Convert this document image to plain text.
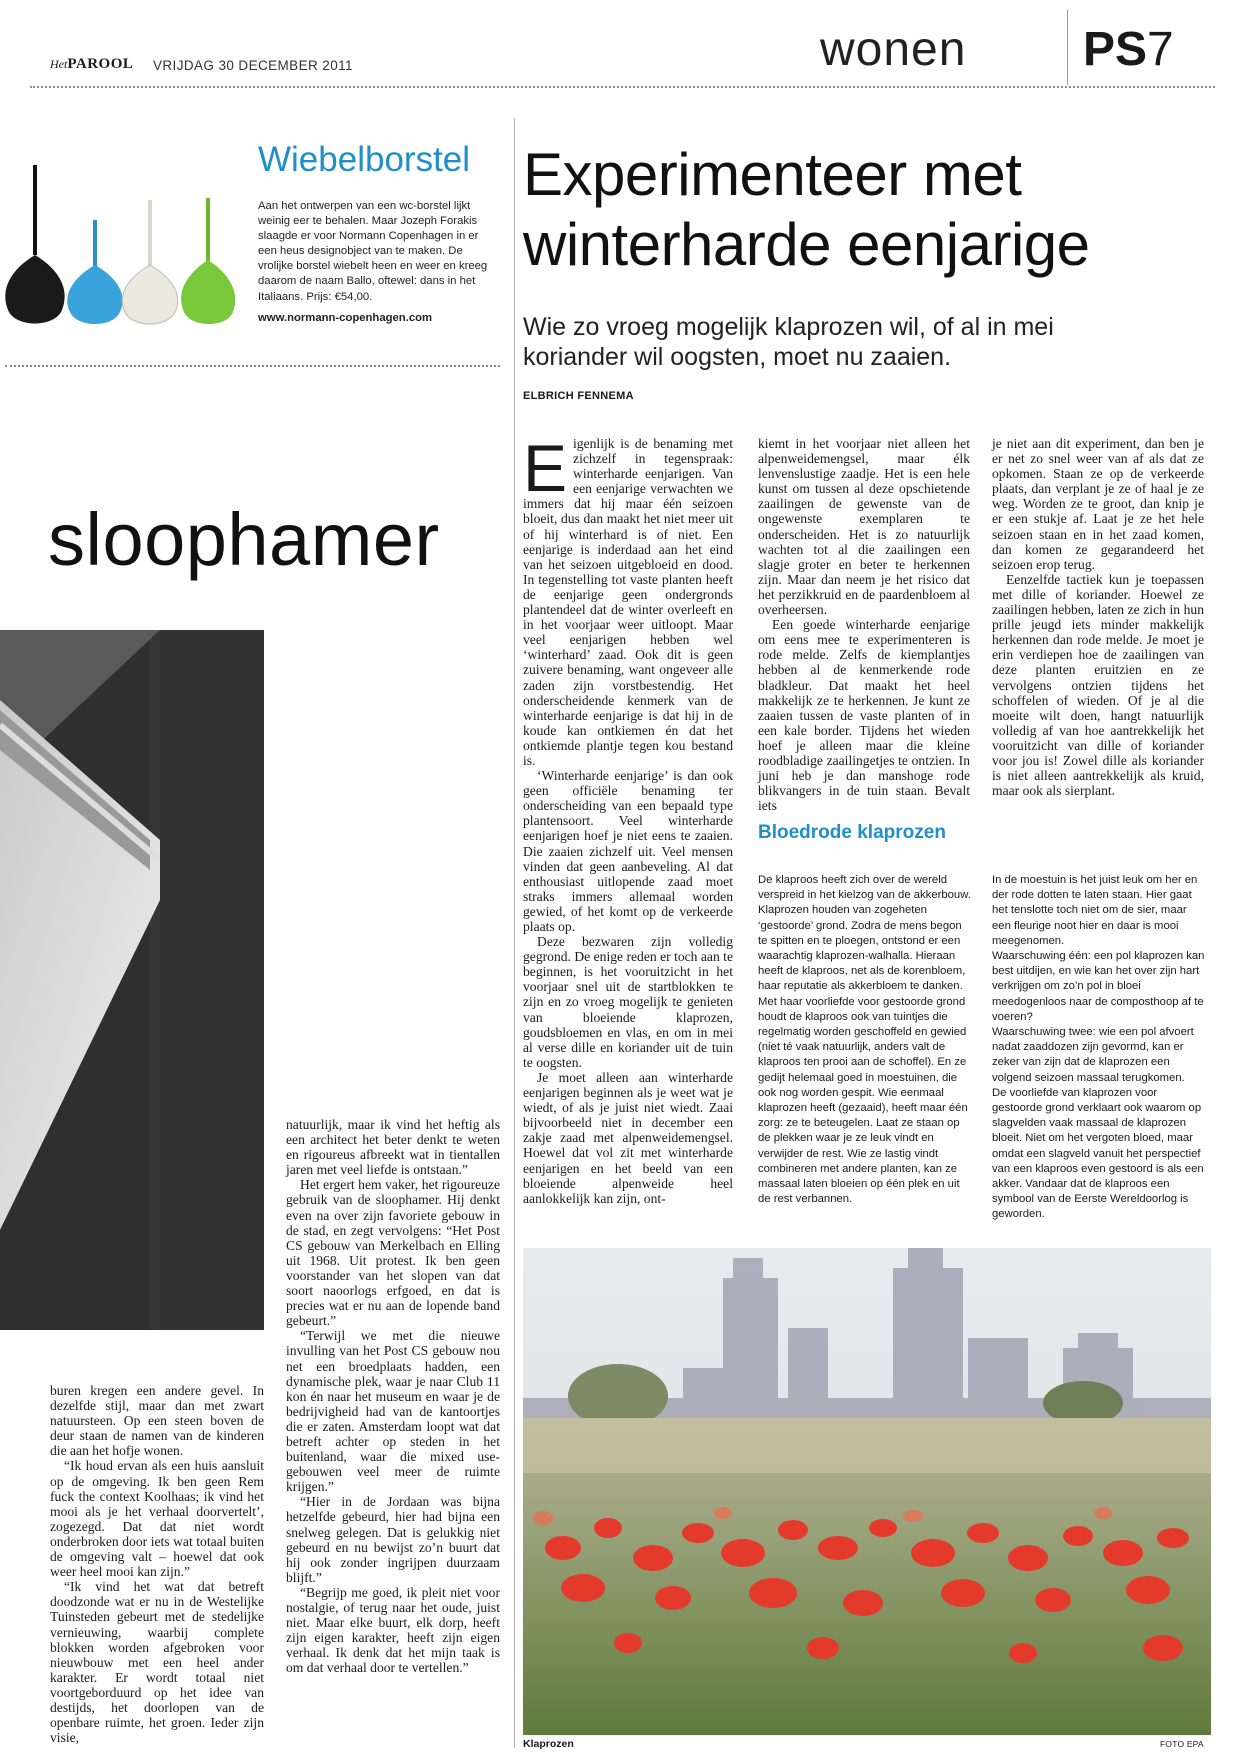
HetPAROOL VRIJDAG 30 DECEMBER 2011	wonen PS7
Wiebelborstel
Aan het ontwerpen van een wc-borstel lijkt weinig eer te behalen. Maar Jozeph Forakis slaagde er voor Normann Copenhagen in er een heus designobject van te maken. De vrolijke borstel wiebelt heen en weer en kreeg daarom de naam Ballo, oftewel: dans in het Italiaans. Prijs: €54,00.
www.normann-copenhagen.com
sloophamer

buren kregen een andere gevel. In dezelfde stijl, maar dan met zwart natuursteen. Op een steen boven de deur staan de namen van de kinderen die aan het hofje wonen.

“Ik houd ervan als een huis aansluit op de omgeving. Ik ben geen Rem fuck the context Koolhaas; ik vind het mooi als je het verhaal doorvertelt’, zogezegd. Dat dat niet wordt onderbroken door iets wat totaal buiten de omgeving valt – hoewel dat ook weer heel mooi kan zijn.”

“Ik vind het wat dat betreft doodzonde wat er nu in de Westelijke Tuinsteden gebeurt met de stedelijke vernieuwing, waarbij complete blokken worden afgebroken voor nieuwbouw met een heel ander karakter. Er wordt totaal niet voortgeborduurd op het idee van destijds, het doorlopen van de openbare ruimte, het groen. Ieder zijn visie,

natuurlijk, maar ik vind het heftig als een architect het beter denkt te weten en rigoureus afbreekt wat in tientallen jaren met veel liefde is ontstaan.”

Het ergert hem vaker, het rigoureuze gebruik van de sloophamer. Hij denkt even na over zijn favoriete gebouw in de stad, en zegt vervolgens: “Het Post CS gebouw van Merkelbach en Elling uit 1968. Uit protest. Ik ben geen voorstander van het slopen van dat soort naoorlogs erfgoed, en dat is precies wat er nu aan de lopende band gebeurt.”

“Terwijl we met die nieuwe invulling van het Post CS gebouw nou net een broedplaats hadden, een dynamische plek, waar je naar Club 11 kon én naar het museum en waar je de bedrijvigheid had van de kantoortjes die er zaten. Amsterdam loopt wat dat betreft achter op steden in het buitenland, waar die mixed use-gebouwen veel meer de ruimte krijgen.”

“Hier in de Jordaan was bijna hetzelfde gebeurd, hier had bijna een snelweg gelegen. Dat is gelukkig niet gebeurd en nu bewijst zo’n buurt dat hij ook zonder ingrijpen duurzaam blijft.”

“Begrijp me goed, ik pleit niet voor nostalgie, of terug naar het oude, juist niet. Maar elke buurt, elk dorp, heeft zijn eigen karakter, heeft zijn eigen verhaal. Ik denk dat het mijn taak is om dat verhaal door te vertellen.”

Experimenteer met
winterharde eenjarige
Wie zo vroeg mogelijk klaprozen wil, of al in mei koriander wil oogsten, moet nu zaaien.
ELBRICH FENNEMA

Eigenlijk is de benaming met zichzelf in tegenspraak: winterharde eenjarigen. Van een eenjarige verwachten we immers dat hij maar één seizoen bloeit, dus dan maakt het niet meer uit of hij winterhard is of niet. Een eenjarige is inderdaad aan het eind van het seizoen uitgebloeid en dood. In tegenstelling tot vaste planten heeft de eenjarige geen ondergronds plantendeel dat de winter overleeft en in het voorjaar weer uitloopt. Maar veel eenjarigen hebben wel ‘winterhard’ zaad. Ook dit is geen zuivere benaming, want ongeveer alle zaden zijn vorstbestendig. Het onderscheidende kenmerk van de winterharde eenjarige is dat hij in de koude kan ontkiemen én dat het ontkiemde plantje tegen kou bestand is.

‘Winterharde eenjarige’ is dan ook geen officiële benaming ter onderscheiding van een bepaald type plantensoort. Veel winterharde eenjarigen hoef je niet eens te zaaien. Die zaaien zichzelf uit. Veel mensen vinden dat geen aanbeveling. Al dat enthousiast uitlopende zaad moet straks immers allemaal worden gewied, of het komt op de verkeerde plaats op.

Deze bezwaren zijn volledig gegrond. De enige reden er toch aan te beginnen, is het vooruitzicht in het voorjaar snel uit de startblokken te zijn en zo vroeg mogelijk te genieten van bloeiende klaprozen, goudsbloemen en vlas, en om in mei al verse dille en koriander uit de tuin te oogsten.

Je moet alleen aan winterharde eenjarigen beginnen als je weet wat je wiedt, of als je juist niet wiedt. Zaai bijvoorbeeld niet in december een zakje zaad met alpenweidemengsel. Hoewel dat vol zit met winterharde eenjarigen en het beeld van een bloeiende alpenweide heel aanlokkelijk kan zijn, ont-

kiemt in het voorjaar niet alleen het alpenweidemengsel, maar élk lenvenslustige zaadje. Het is een hele kunst om tussen al deze opschietende zaailingen de gewenste van de ongewenste exemplaren te onderscheiden. Het is zo natuurlijk wachten tot al die zaailingen een slagje groter en beter te herkennen zijn. Maar dan neem je het risico dat het perzikkruid en de paardenbloem al overheersen.

Een goede winterharde eenjarige om eens mee te experimenteren is rode melde. Zelfs de kiemplantjes hebben al de kenmerkende rode bladkleur. Dat maakt het heel makkelijk ze te herkennen. Je kunt ze zaaien tussen de vaste planten of in een kale border. Tijdens het wieden hoef je alleen maar die kleine roodbladige zaailingetjes te ontzien. In juni heb je dan manshoge rode blikvangers in de tuin staan. Bevalt iets

je niet aan dit experiment, dan ben je er net zo snel weer van af als dat ze opkomen. Staan ze op de verkeerde plaats, dan verplant je ze of haal je ze weg. Worden ze te groot, dan knip je er een stukje af. Laat je ze het hele seizoen staan en in het zaad komen, dan komen ze gegarandeerd het seizoen erop terug.

Eenzelfde tactiek kun je toepassen met dille of koriander. Hoewel ze zaailingen hebben, laten ze zich in hun prille jeugd iets minder makkelijk herkennen dan rode melde. Je moet je erin verdiepen hoe de zaailingen van deze planten eruitzien en ze vervolgens ontzien tijdens het schoffelen of wieden. Of je al die moeite wilt doen, hangt natuurlijk volledig af van hoe aantrekkelijk het vooruitzicht van dille of koriander voor jou is! Zowel dille als koriander is niet alleen aantrekkelijk als kruid, maar ook als sierplant.

Bloedrode klaprozen

De klaproos heeft zich over de wereld verspreid in het kielzog van de akkerbouw. Klaprozen houden van zogeheten ‘gestoorde’ grond. Zodra de mens begon te spitten en te ploegen, ontstond er een waarachtig klaprozen-walhalla. Hieraan heeft de klaproos, net als de korenbloem, haar reputatie als akkerbloem te danken.

Met haar voorliefde voor gestoorde grond houdt de klaproos ook van tuintjes die regelmatig worden geschoffeld en gewied (niet té vaak natuurlijk, anders valt de klaproos ten prooi aan de schoffel). En ze gedijt helemaal goed in moestuinen, die ook nog worden gespit. Wie eenmaal klaprozen heeft (gezaaid), heeft maar één zorg: ze te beteugelen. Laat ze staan op de plekken waar je ze leuk vindt en verwijder de rest. Wie ze lastig vindt combineren met andere planten, kan ze massaal laten bloeien op één plek en uit de rest verbannen.

In de moestuin is het juist leuk om her en der rode dotten te laten staan. Hier gaat het tenslotte toch niet om de sier, maar een fleurige noot hier en daar is mooi meegenomen.

Waarschuwing één: een pol klaprozen kan best uitdijen, en wie kan het over zijn hart verkrijgen om zo’n pol in bloei meedogenloos naar de composthoop af te voeren?

Waarschuwing twee: wie een pol afvoert nadat zaaddozen zijn gevormd, kan er zeker van zijn dat de klaprozen een volgend seizoen massaal terugkomen.

De voorliefde van klaprozen voor gestoorde grond verklaart ook waarom op slagvelden vaak massaal de klaprozen bloeit. Niet om het vergoten bloed, maar omdat een slagveld vanuit het perspectief van een klaproos even gestoord is als een akker. Vandaar dat de klaproos een symbool van de Eerste Wereldoorlog is geworden.

Klaprozen	FOTO EPA
